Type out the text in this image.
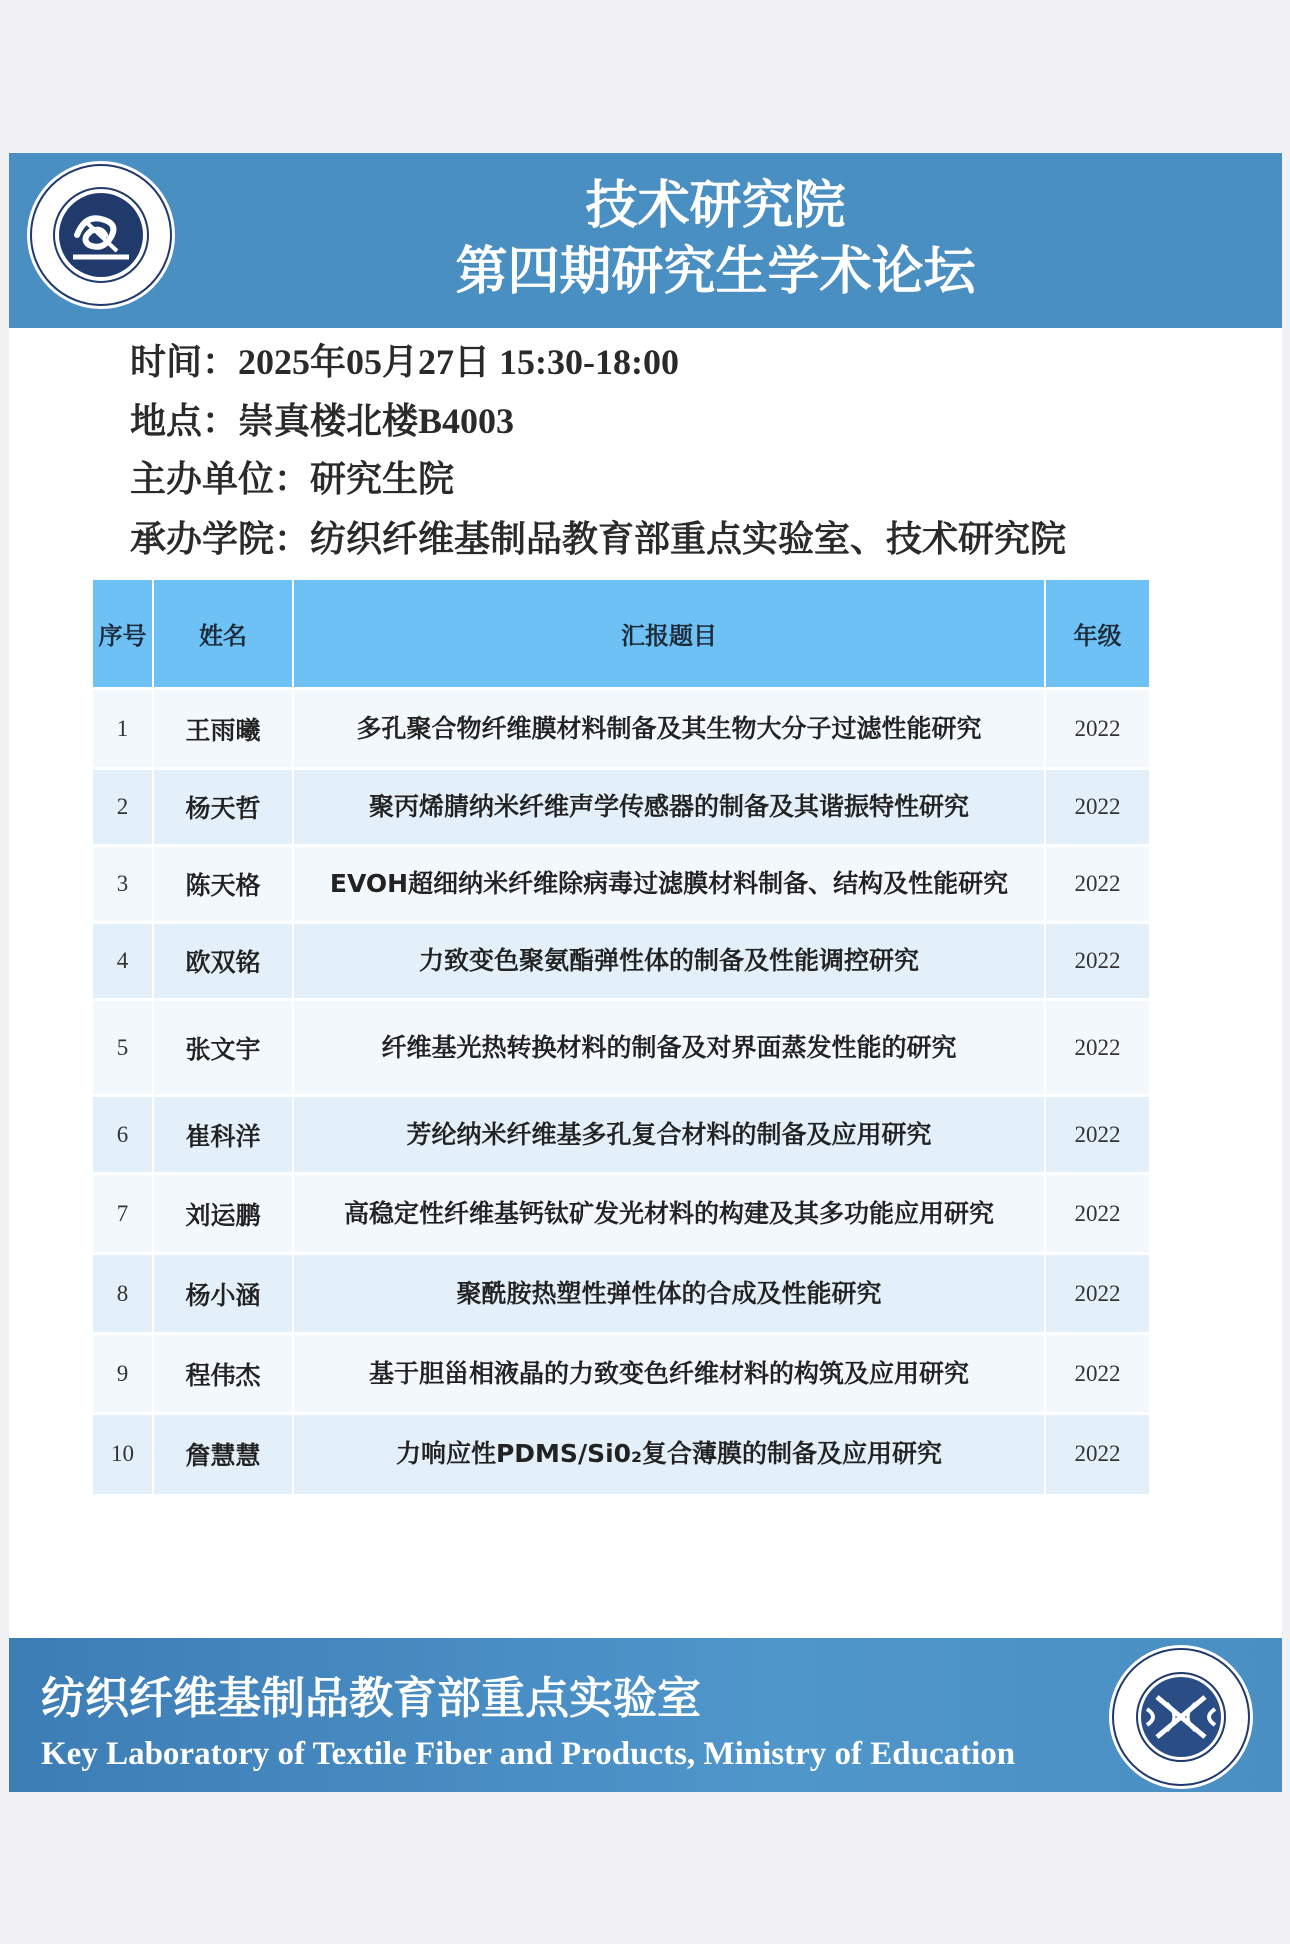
技术研究院
第四期研究生学术论坛
时间：2025年05月27日 15:30-18:00
地点：崇真楼北楼B4003
主办单位：研究生院
承办学院：纺织纤维基制品教育部重点实验室、技术研究院
序号	姓名	汇报题目	年级
1	王雨曦	多孔聚合物纤维膜材料制备及其生物大分子过滤性能研究	2022
2	杨天哲	聚丙烯腈纳米纤维声学传感器的制备及其谐振特性研究	2022
3	陈天格	EVOH超细纳米纤维除病毒过滤膜材料制备、结构及性能研究	2022
4	欧双铭	力致变色聚氨酯弹性体的制备及性能调控研究	2022
5	张文宇	纤维基光热转换材料的制备及对界面蒸发性能的研究	2022
6	崔科洋	芳纶纳米纤维基多孔复合材料的制备及应用研究	2022
7	刘运鹏	高稳定性纤维基钙钛矿发光材料的构建及其多功能应用研究	2022
8	杨小涵	聚酰胺热塑性弹性体的合成及性能研究	2022
9	程伟杰	基于胆甾相液晶的力致变色纤维材料的构筑及应用研究	2022
10	詹慧慧	力响应性PDMS/Si0₂复合薄膜的制备及应用研究	2022
纺织纤维基制品教育部重点实验室
Key Laboratory of Textile Fiber and Products, Ministry of Education
